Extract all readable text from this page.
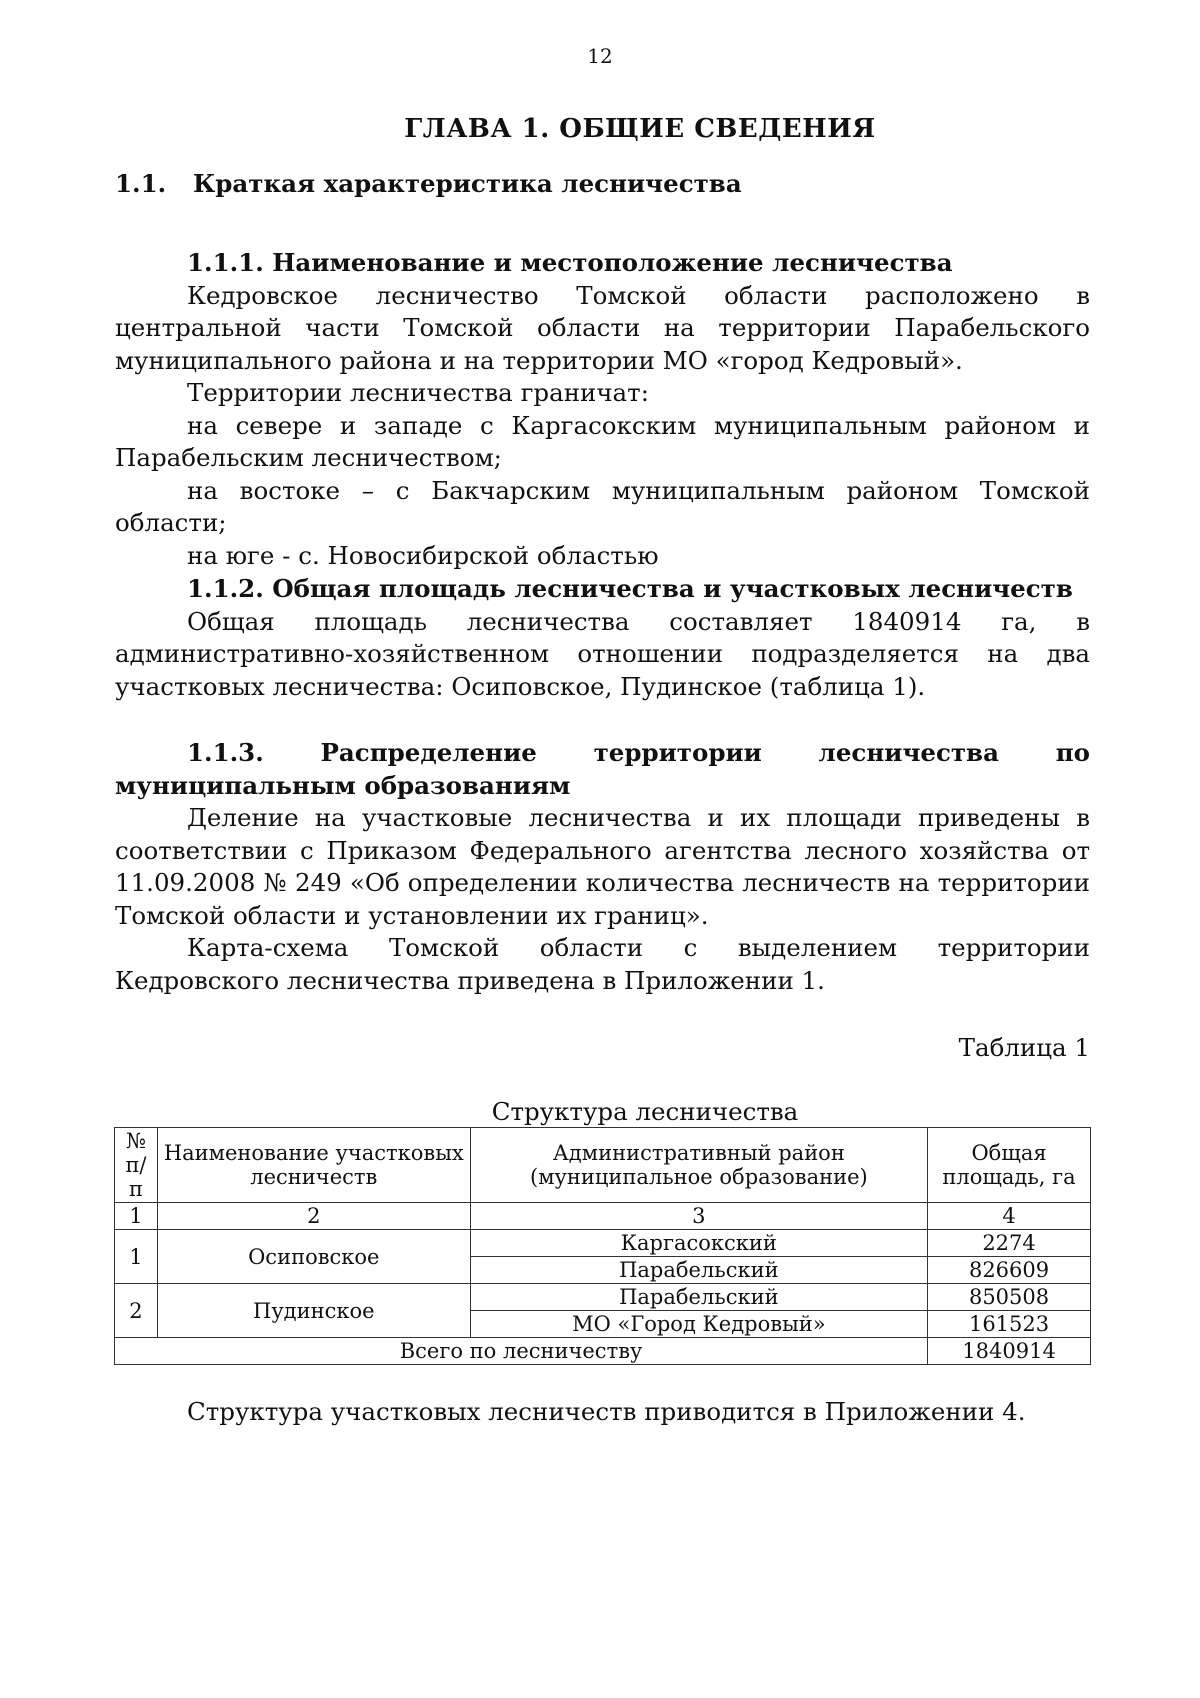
12
ГЛАВА 1. ОБЩИЕ СВЕДЕНИЯ
1.1. Краткая характеристика лесничества

1.1.1. Наименование и местоположение лесничества

Кедровское лесничество Томской области расположено в центральной части Томской области на территории Парабельского муниципального района и на территории МО «город Кедровый».

Территории лесничества граничат:

на севере и западе с Каргасокским муниципальным районом и Парабельским лесничеством;

на востоке – с Бакчарским муниципальным районом Томской области;

на юге - с. Новосибирской областью

1.1.2. Общая площадь лесничества и участковых лесничеств

Общая площадь лесничества составляет 1840914 га, в административно-хозяйственном отношении подразделяется на два участковых лесничества: Осиповское, Пудинское (таблица 1).

1.1.3. Распределение территории лесничества по муниципальным образованиям

Деление на участковые лесничества и их площади приведены в соответствии с Приказом Федерального агентства лесного хозяйства от 11.09.2008 № 249 «Об определении количества лесничеств на территории Томской области и установлении их границ».

Карта-схема Томской области с выделением территории Кедровского лесничества приведена в Приложении 1.

Таблица 1
Структура лесничества
№ п/п	Наименование участковых лесничеств	Административный район (муниципальное образование)	Общая площадь, га
1	2	3	4
1	Осиповское	Каргасокский	2274
		Парабельский	826609
2	Пудинское	Парабельский	850508
		МО «Город Кедровый»	161523
Всего по лесничеству			1840914

Структура участковых лесничеств приводится в Приложении 4.
